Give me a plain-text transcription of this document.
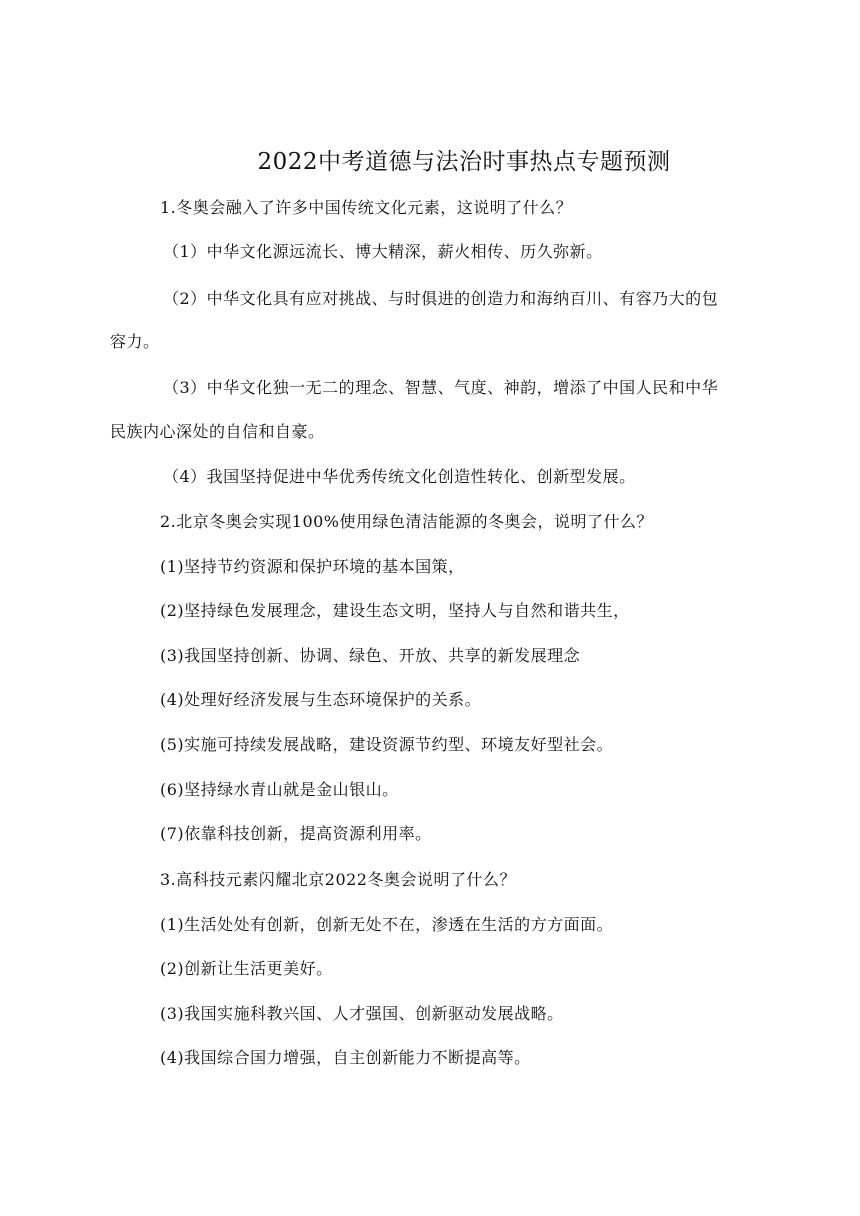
2022中考道德与法治时事热点专题预测
1.冬奥会融入了许多中国传统文化元素，这说明了什么？
（1）中华文化源远流长、博大精深，薪火相传、历久弥新。
（2）中华文化具有应对挑战、与时俱进的创造力和海纳百川、有容乃大的包
容力。
（3）中华文化独一无二的理念、智慧、气度、神韵，增添了中国人民和中华
民族内心深处的自信和自豪。
（4）我国坚持促进中华优秀传统文化创造性转化、创新型发展。
2.北京冬奥会实现100%使用绿色清洁能源的冬奥会，说明了什么？
(1)坚持节约资源和保护环境的基本国策，
(2)坚持绿色发展理念，建设生态文明，坚持人与自然和谐共生，
(3)我国坚持创新、协调、绿色、开放、共享的新发展理念
(4)处理好经济发展与生态环境保护的关系。
(5)实施可持续发展战略，建设资源节约型、环境友好型社会。
(6)坚持绿水青山就是金山银山。
(7)依靠科技创新，提高资源利用率。
3.高科技元素闪耀北京2022冬奥会说明了什么？
(1)生活处处有创新，创新无处不在，渗透在生活的方方面面。
(2)创新让生活更美好。
(3)我国实施科教兴国、人才强国、创新驱动发展战略。
(4)我国综合国力增强，自主创新能力不断提高等。
